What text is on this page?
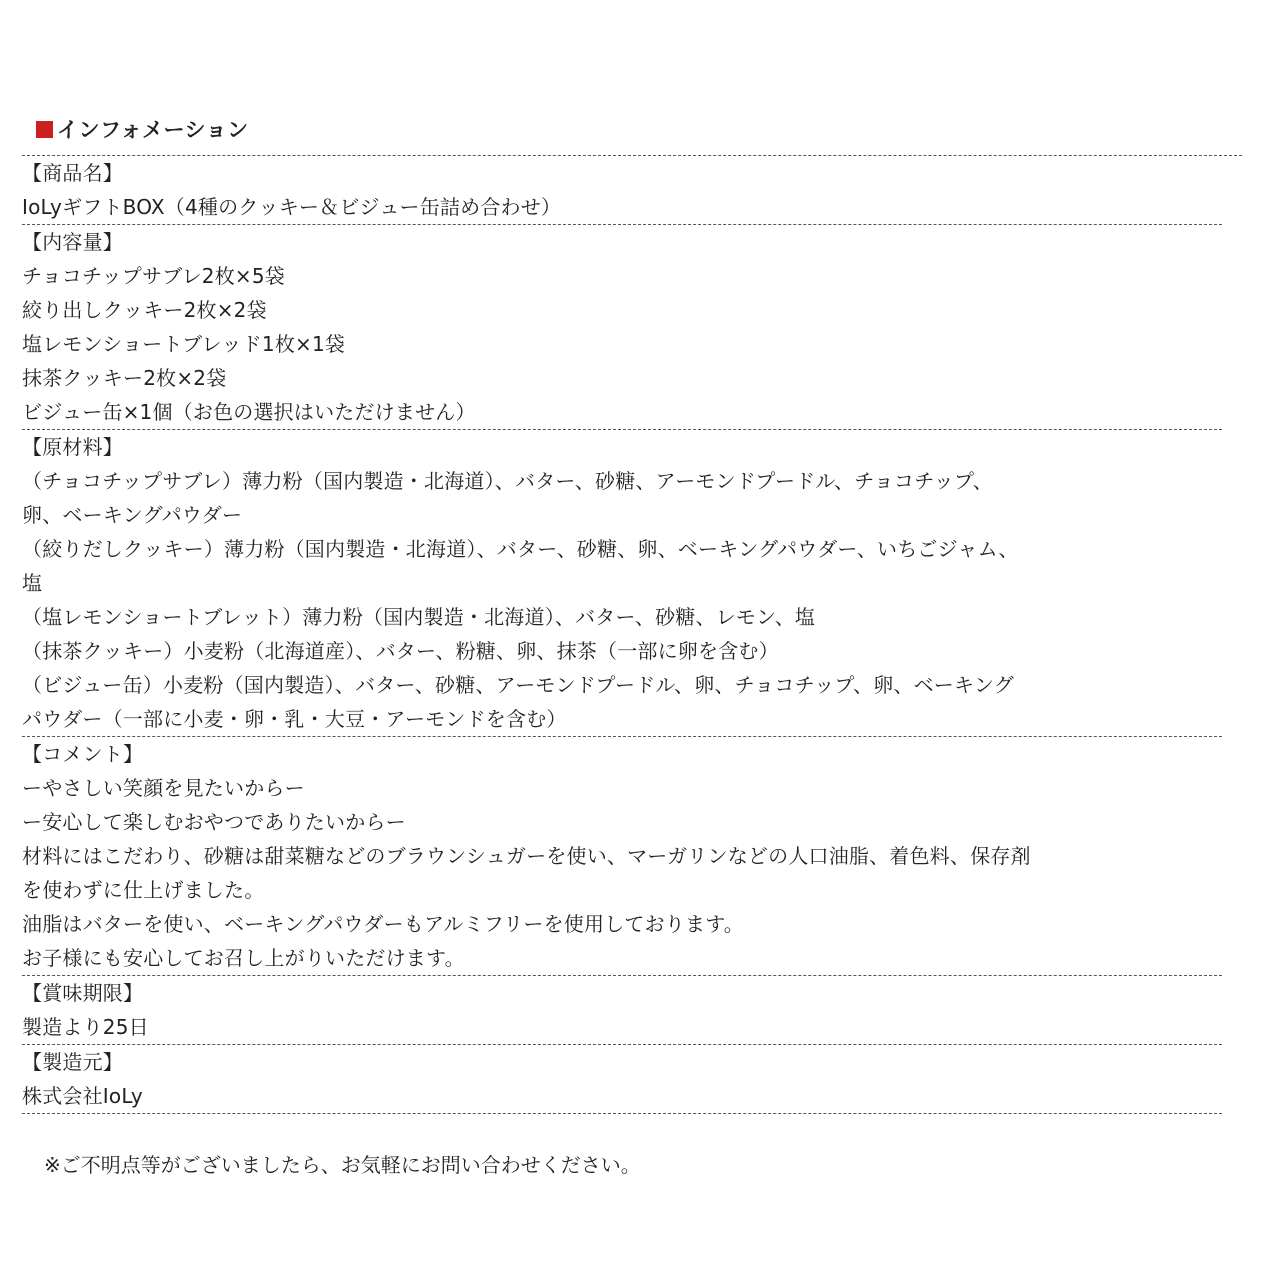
インフォメーション
【商品名】
IoLyギフトBOX（4種のクッキー＆ビジュー缶詰め合わせ）
【内容量】
チョコチップサブレ2枚×5袋
絞り出しクッキー2枚×2袋
塩レモンショートブレッド1枚×1袋
抹茶クッキー2枚×2袋
ビジュー缶×1個（お色の選択はいただけません）
【原材料】
（チョコチップサブレ）薄力粉（国内製造・北海道）、バター、砂糖、アーモンドプードル、チョコチップ、
卵、ベーキングパウダー
（絞りだしクッキー）薄力粉（国内製造・北海道）、バター、砂糖、卵、ベーキングパウダー、いちごジャム、
塩
（塩レモンショートブレット）薄力粉（国内製造・北海道）、バター、砂糖、レモン、塩
（抹茶クッキー）小麦粉（北海道産）、バター、粉糖、卵、抹茶（一部に卵を含む）
（ビジュー缶）小麦粉（国内製造）、バター、砂糖、アーモンドプードル、卵、チョコチップ、卵、ベーキング
パウダー（一部に小麦・卵・乳・大豆・アーモンドを含む）
【コメント】
ーやさしい笑顔を見たいからー
ー安心して楽しむおやつでありたいからー
材料にはこだわり、砂糖は甜菜糖などのブラウンシュガーを使い、マーガリンなどの人口油脂、着色料、保存剤
を使わずに仕上げました。
油脂はバターを使い、ベーキングパウダーもアルミフリーを使用しております。
お子様にも安心してお召し上がりいただけます。
【賞味期限】
製造より25日
【製造元】
株式会社IoLy
※ご不明点等がございましたら、お気軽にお問い合わせください。
